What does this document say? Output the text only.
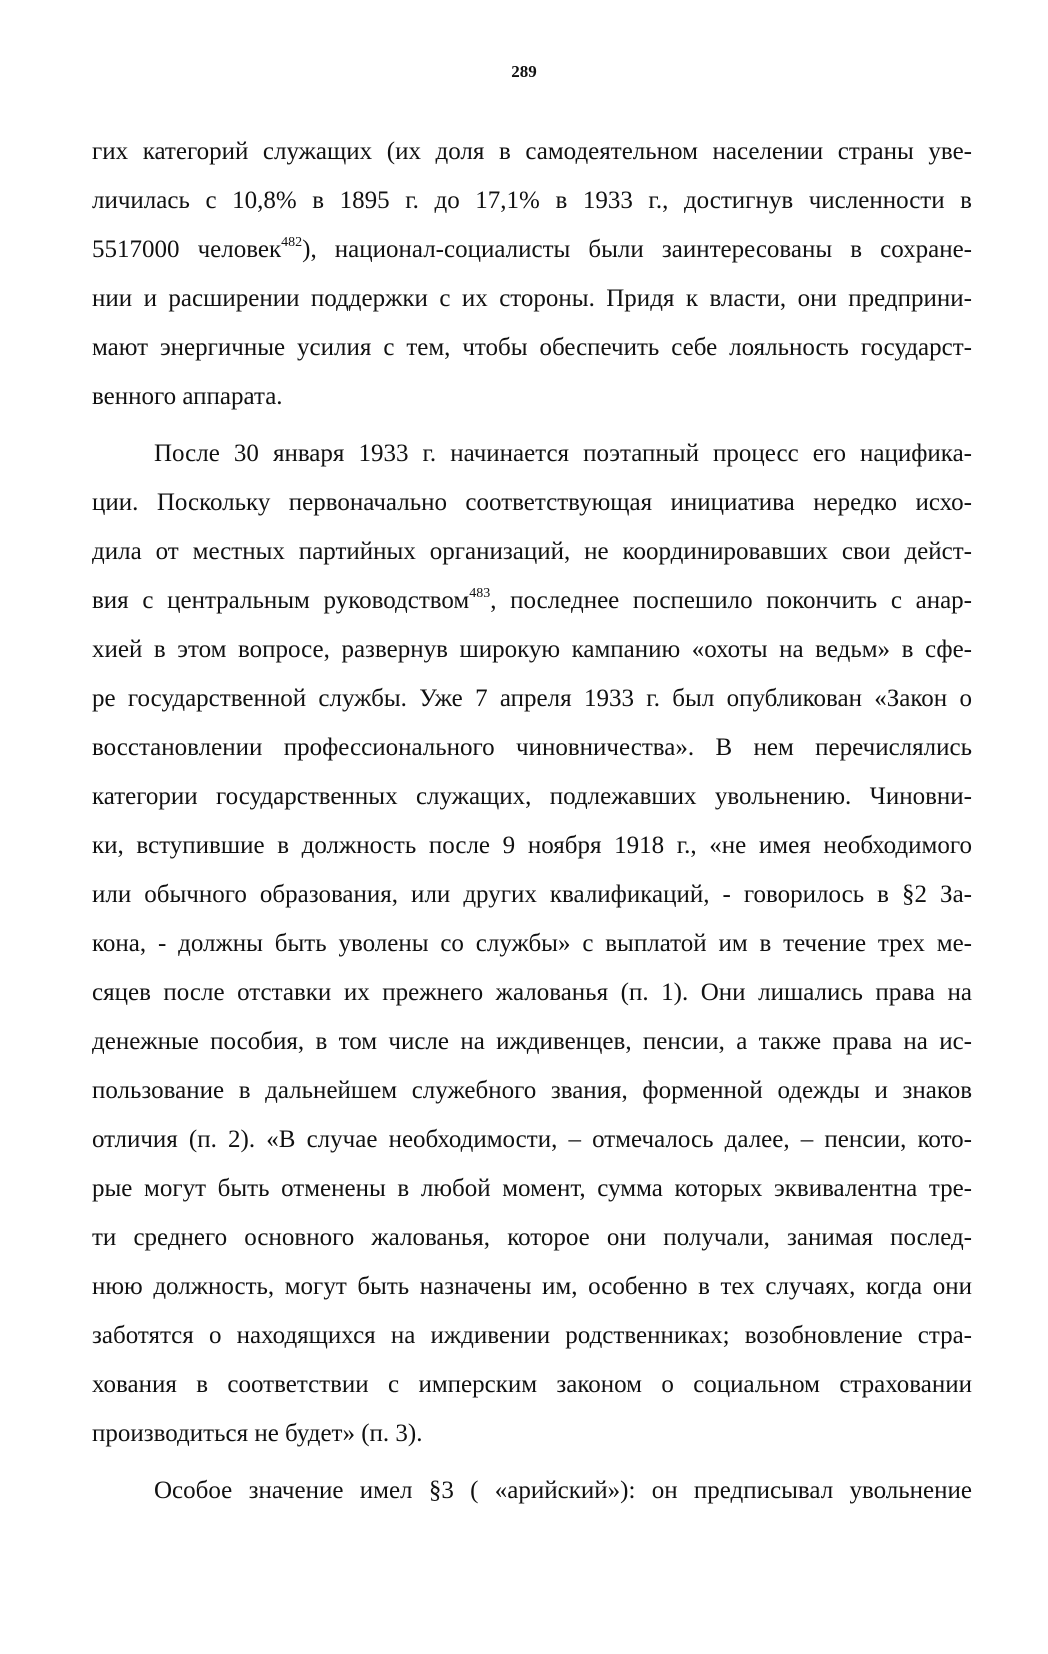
289
гих категорий служащих (их доля в самодеятельном населении страны уве-
личилась с 10,8% в 1895 г. до 17,1% в 1933 г., достигнув численности в
5517000 человек$^{482}$), национал-социалисты были заинтересованы в сохране-
нии и расширении поддержки с их стороны. Придя к власти, они предприни-
мают энергичные усилия с тем, чтобы обеспечить себе лояльность государст-
венного аппарата.
После 30 января 1933 г. начинается поэтапный процесс его нацифика-
ции. Поскольку первоначально соответствующая инициатива нередко исхо-
дила от местных партийных организаций, не координировавших свои дейст-
вия с центральным руководством$^{483}$, последнее поспешило покончить с анар-
хией в этом вопросе, развернув широкую кампанию «охоты на ведьм» в сфе-
ре государственной службы. Уже 7 апреля 1933 г. был опубликован «Закон о
восстановлении профессионального чиновничества». В нем перечислялись
категории государственных служащих, подлежавших увольнению. Чиновни-
ки, вступившие в должность после 9 ноября 1918 г., «не имея необходимого
или обычного образования, или других квалификаций, - говорилось в §2 За-
кона, - должны быть уволены со службы» с выплатой им в течение трех ме-
сяцев после отставки их прежнего жалованья (п. 1). Они лишались права на
денежные пособия, в том числе на иждивенцев, пенсии, а также права на ис-
пользование в дальнейшем служебного звания, форменной одежды и знаков
отличия (п. 2). «В случае необходимости, – отмечалось далее, – пенсии, кото-
рые могут быть отменены в любой момент, сумма которых эквивалентна тре-
ти среднего основного жалованья, которое они получали, занимая послед-
нюю должность, могут быть назначены им, особенно в тех случаях, когда они
заботятся о находящихся на иждивении родственниках; возобновление стра-
хования в соответствии с имперским законом о социальном страховании
производиться не будет» (п. 3).
Особое значение имел §3 ( «арийский»): он предписывал увольнение
